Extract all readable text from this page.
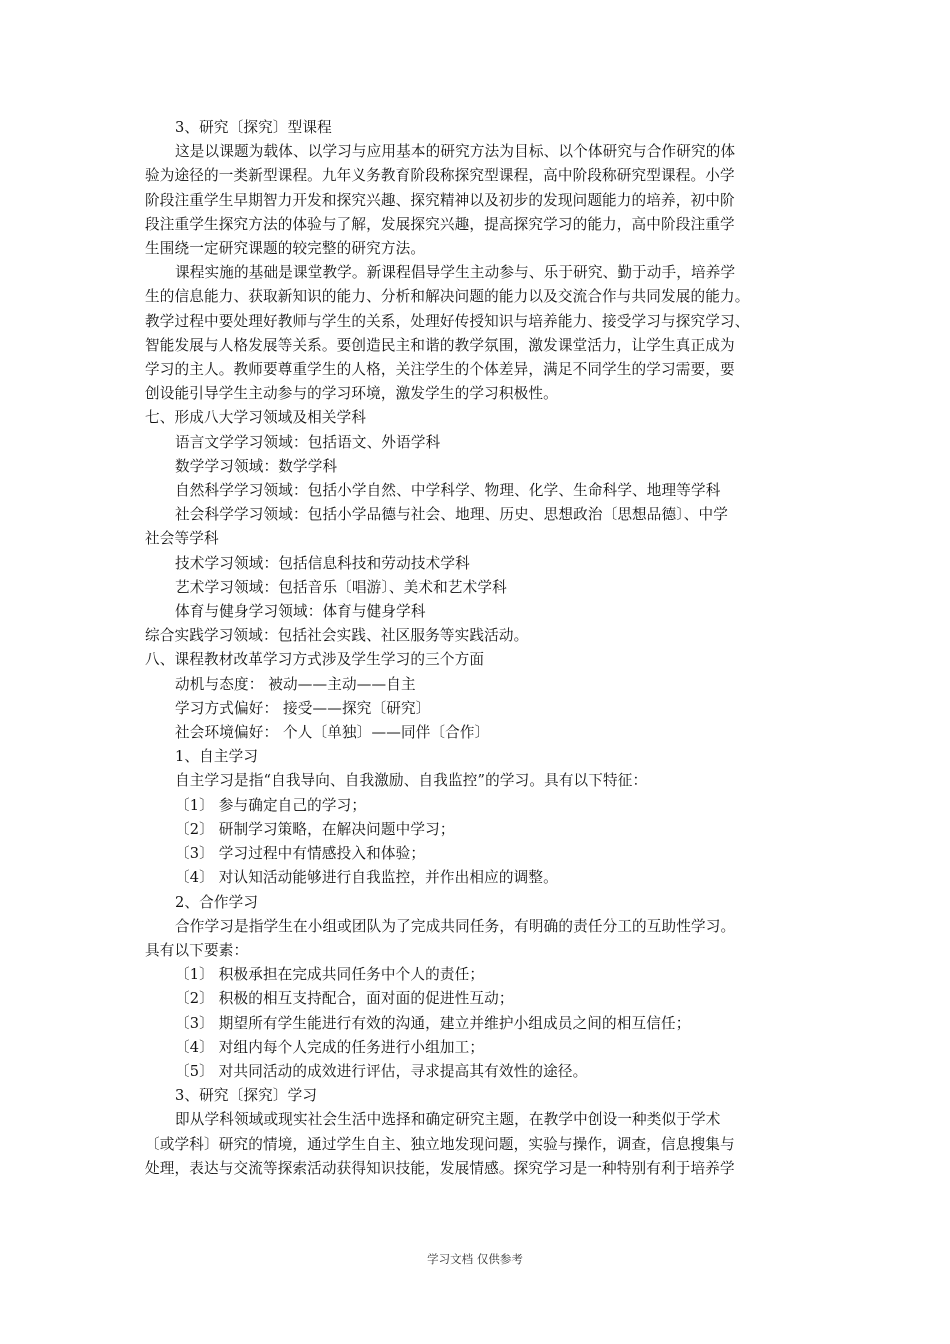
3、研究〔探究〕型课程
这是以课题为载体、以学习与应用基本的研究方法为目标、以个体研究与合作研究的体
验为途径的一类新型课程。九年义务教育阶段称探究型课程，高中阶段称研究型课程。小学
阶段注重学生早期智力开发和探究兴趣、探究精神以及初步的发现问题能力的培养，初中阶
段注重学生探究方法的体验与了解，发展探究兴趣，提高探究学习的能力，高中阶段注重学
生围绕一定研究课题的较完整的研究方法。
课程实施的基础是课堂教学。新课程倡导学生主动参与、乐于研究、勤于动手，培养学
生的信息能力、获取新知识的能力、分析和解决问题的能力以及交流合作与共同发展的能力。
教学过程中要处理好教师与学生的关系，处理好传授知识与培养能力、接受学习与探究学习、
智能发展与人格发展等关系。要创造民主和谐的教学氛围，激发课堂活力，让学生真正成为
学习的主人。教师要尊重学生的人格，关注学生的个体差异，满足不同学生的学习需要，要
创设能引导学生主动参与的学习环境，激发学生的学习积极性。
七、形成八大学习领域及相关学科
语言文学学习领域：包括语文、外语学科
数学学习领域：数学学科
自然科学学习领域：包括小学自然、中学科学、物理、化学、生命科学、地理等学科
社会科学学习领域：包括小学品德与社会、地理、历史、思想政治〔思想品德〕、中学
社会等学科
技术学习领域：包括信息科技和劳动技术学科
艺术学习领域：包括音乐〔唱游〕、美术和艺术学科
体育与健身学习领域：体育与健身学科
综合实践学习领域：包括社会实践、社区服务等实践活动。
八、课程教材改革学习方式涉及学生学习的三个方面
动机与态度： 被动——主动——自主
学习方式偏好： 接受——探究〔研究〕
社会环境偏好： 个人〔单独〕——同伴〔合作〕
1、自主学习
自主学习是指“自我导向、自我激励、自我监控”的学习。具有以下特征：
〔1〕 参与确定自己的学习；
〔2〕 研制学习策略，在解决问题中学习；
〔3〕 学习过程中有情感投入和体验；
〔4〕 对认知活动能够进行自我监控，并作出相应的调整。
2、合作学习
合作学习是指学生在小组或团队为了完成共同任务，有明确的责任分工的互助性学习。
具有以下要素：
〔1〕 积极承担在完成共同任务中个人的责任；
〔2〕 积极的相互支持配合，面对面的促进性互动；
〔3〕 期望所有学生能进行有效的沟通，建立并维护小组成员之间的相互信任；
〔4〕 对组内每个人完成的任务进行小组加工；
〔5〕 对共同活动的成效进行评估，寻求提高其有效性的途径。
3、研究〔探究〕学习
即从学科领域或现实社会生活中选择和确定研究主题，在教学中创设一种类似于学术
〔或学科〕研究的情境，通过学生自主、独立地发现问题，实验与操作，调查，信息搜集与
处理，表达与交流等探索活动获得知识技能，发展情感。探究学习是一种特别有利于培养学
学习文档 仅供参考
